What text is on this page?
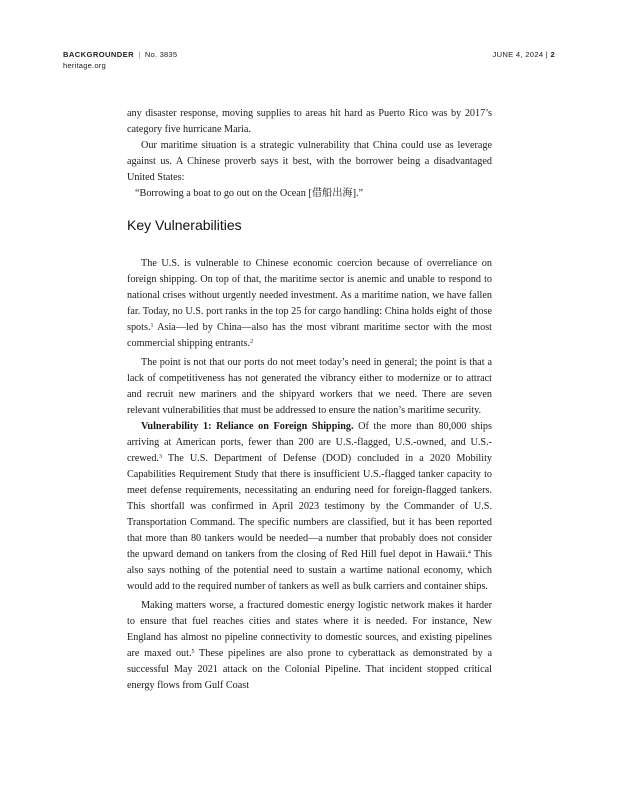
BACKGROUNDER | No. 3835
heritage.org
JUNE 4, 2024 | 2

any disaster response, moving supplies to areas hit hard as Puerto Rico was by 2017’s category five hurricane Maria.

Our maritime situation is a strategic vulnerability that China could use as leverage against us. A Chinese proverb says it best, with the borrower being a disadvantaged United States:

“Borrowing a boat to go out on the Ocean [借船出海].”

Key Vulnerabilities

The U.S. is vulnerable to Chinese economic coercion because of overreliance on foreign shipping. On top of that, the maritime sector is anemic and unable to respond to national crises without urgently needed investment. As a maritime nation, we have fallen far. Today, no U.S. port ranks in the top 25 for cargo handling: China holds eight of those spots.$^1$ Asia—led by China—also has the most vibrant maritime sector with the most commercial shipping entrants.$^2$

The point is not that our ports do not meet today’s need in general; the point is that a lack of competitiveness has not generated the vibrancy either to modernize or to attract and recruit new mariners and the shipyard workers that we need. There are seven relevant vulnerabilities that must be addressed to ensure the nation’s maritime security.

Vulnerability 1: Reliance on Foreign Shipping. Of the more than 80,000 ships arriving at American ports, fewer than 200 are U.S.-flagged, U.S.-owned, and U.S.-crewed.$^3$ The U.S. Department of Defense (DOD) concluded in a 2020 Mobility Capabilities Requirement Study that there is insufficient U.S.-flagged tanker capacity to meet defense requirements, necessitating an enduring need for foreign-flagged tankers. This shortfall was confirmed in April 2023 testimony by the Commander of U.S. Transportation Command. The specific numbers are classified, but it has been reported that more than 80 tankers would be needed—a number that probably does not consider the upward demand on tankers from the closing of Red Hill fuel depot in Hawaii.$^4$ This also says nothing of the potential need to sustain a wartime national economy, which would add to the required number of tankers as well as bulk carriers and container ships.

Making matters worse, a fractured domestic energy logistic network makes it harder to ensure that fuel reaches cities and states where it is needed. For instance, New England has almost no pipeline connectivity to domestic sources, and existing pipelines are maxed out.$^5$ These pipelines are also prone to cyberattack as demonstrated by a successful May 2021 attack on the Colonial Pipeline. That incident stopped critical energy flows from Gulf Coast
